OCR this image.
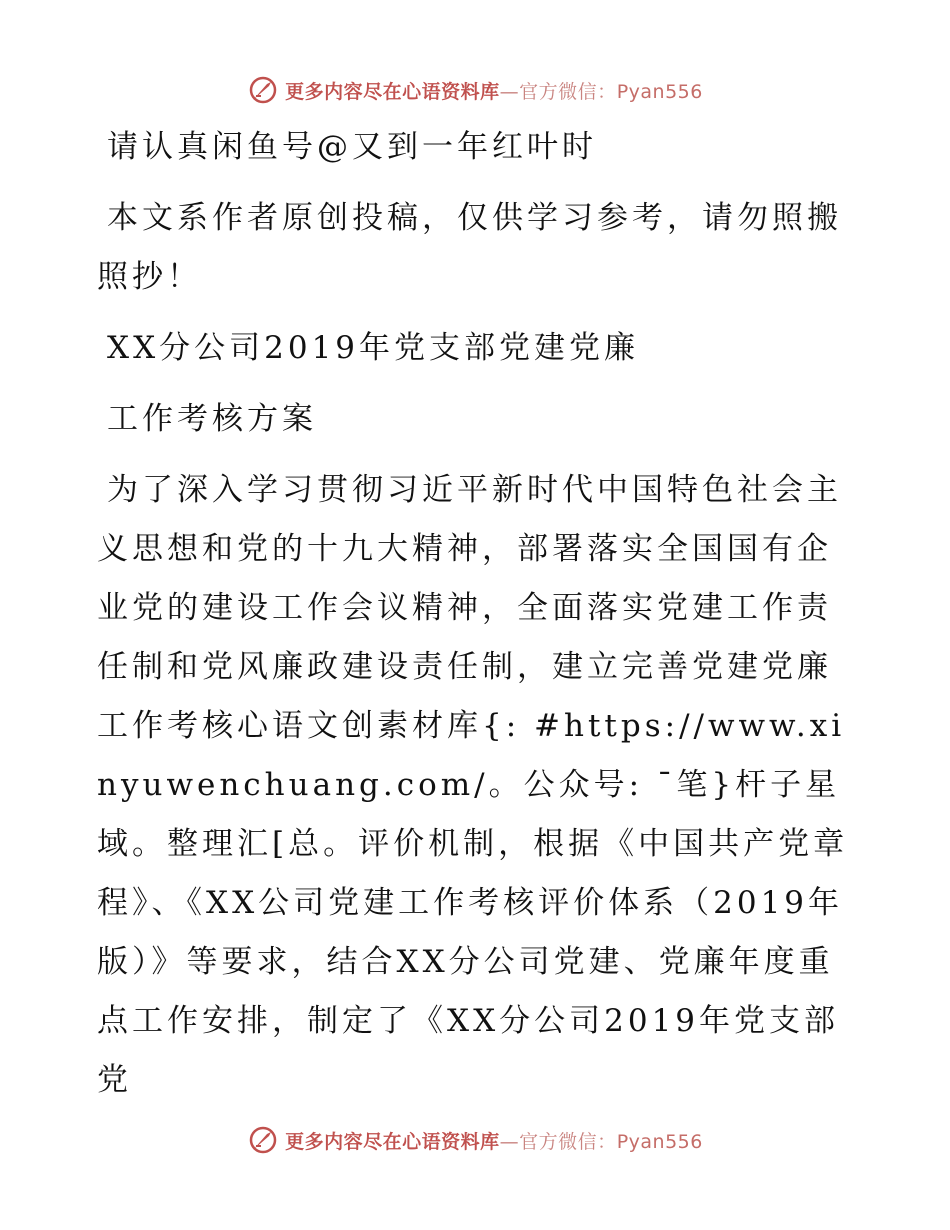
更多内容尽在心语资料库—官方微信：Pyan556

请认真闲鱼号@又到一年红叶时

本文系作者原创投稿，仅供学习参考，请勿照搬照抄！

XX分公司2019年党支部党建党廉

工作考核方案

为了深入学习贯彻习近平新时代中国特色社会主义思想和党的十九大精神，部署落实全国国有企业党的建设工作会议精神，全面落实党建工作责任制和党风廉政建设责任制，建立完善党建党廉工作考核心语文创素材库{: #https://www.xinyuwenchuang.com/。公众号: ¯笔}杆子星域。整理汇[总。评价机制，根据《中国共产党章程》、《XX公司党建工作考核评价体系（2019年版）》等要求，结合XX分公司党建、党廉年度重点工作安排，制定了《XX分公司2019年党支部党

更多内容尽在心语资料库—官方微信：Pyan556
